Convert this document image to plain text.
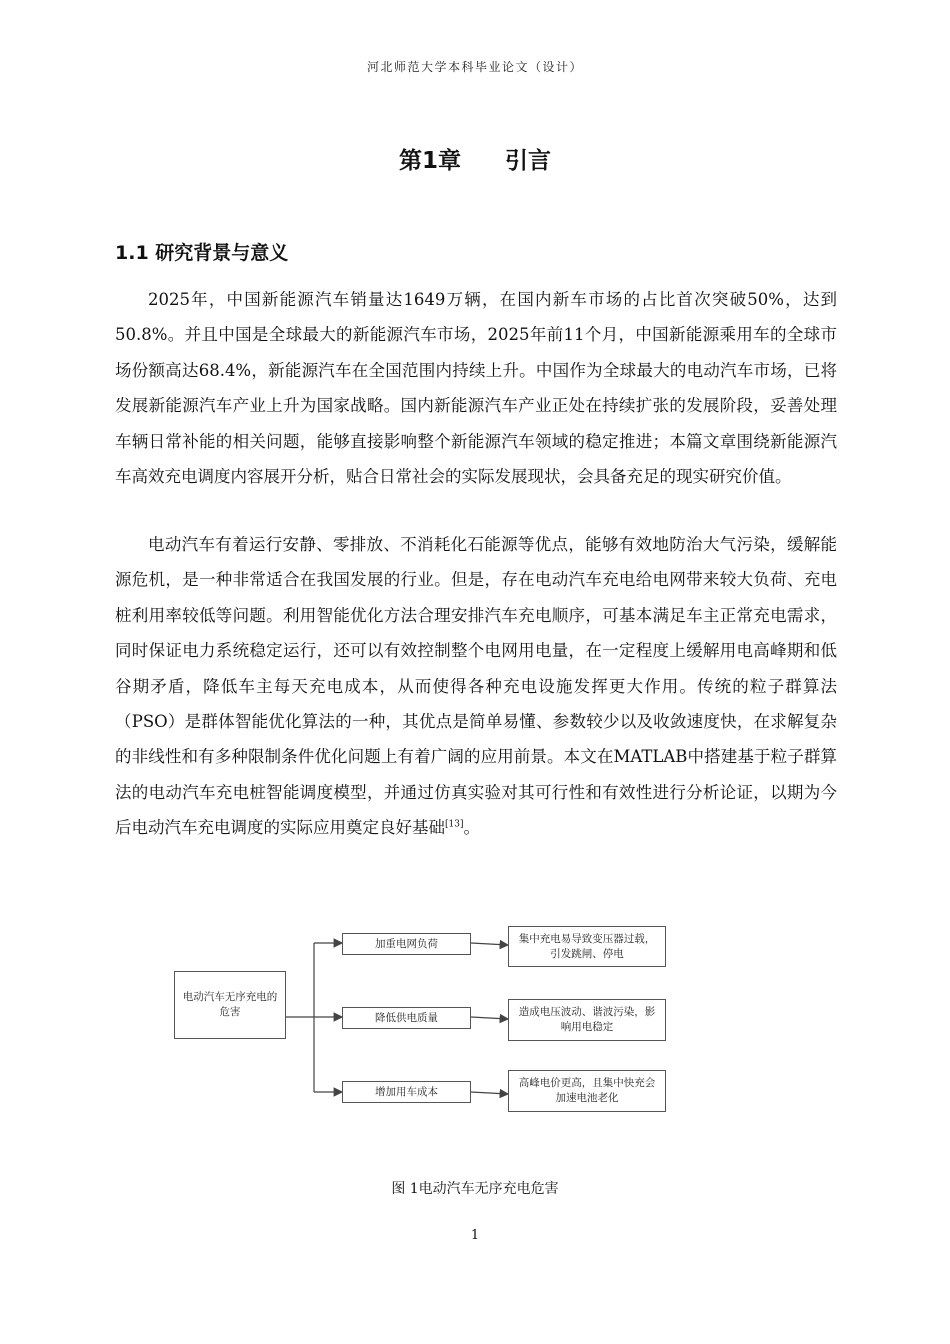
河北师范大学本科毕业论文（设计）
第1章 引言
1.1 研究背景与意义

2025年，中国新能源汽车销量达1649万辆，在国内新车市场的占比首次突破50%，达到50.8%。并且中国是全球最大的新能源汽车市场，2025年前11个月，中国新能源乘用车的全球市场份额高达68.4%，新能源汽车在全国范围内持续上升。中国作为全球最大的电动汽车市场，已将发展新能源汽车产业上升为国家战略。国内新能源汽车产业正处在持续扩张的发展阶段，妥善处理车辆日常补能的相关问题，能够直接影响整个新能源汽车领域的稳定推进；本篇文章围绕新能源汽车高效充电调度内容展开分析，贴合日常社会的实际发展现状，会具备充足的现实研究价值。

电动汽车有着运行安静、零排放、不消耗化石能源等优点，能够有效地防治大气污染，缓解能源危机，是一种非常适合在我国发展的行业。但是，存在电动汽车充电给电网带来较大负荷、充电桩利用率较低等问题。利用智能优化方法合理安排汽车充电顺序，可基本满足车主正常充电需求，同时保证电力系统稳定运行，还可以有效控制整个电网用电量，在一定程度上缓解用电高峰期和低谷期矛盾，降低车主每天充电成本，从而使得各种充电设施发挥更大作用。传统的粒子群算法（PSO）是群体智能优化算法的一种，其优点是简单易懂、参数较少以及收敛速度快，在求解复杂的非线性和有多种限制条件优化问题上有着广阔的应用前景。本文在MATLAB中搭建基于粒子群算法的电动汽车充电桩智能调度模型，并通过仿真实验对其可行性和有效性进行分析论证，以期为今后电动汽车充电调度的实际应用奠定良好基础[13]。

电动汽车无序充电的危害
加重电网负荷
降低供电质量
增加用车成本
集中充电易导致变压器过载，引发跳闸、停电
造成电压波动、谐波污染，影响用电稳定
高峰电价更高，且集中快充会加速电池老化
图 1电动汽车无序充电危害
1
